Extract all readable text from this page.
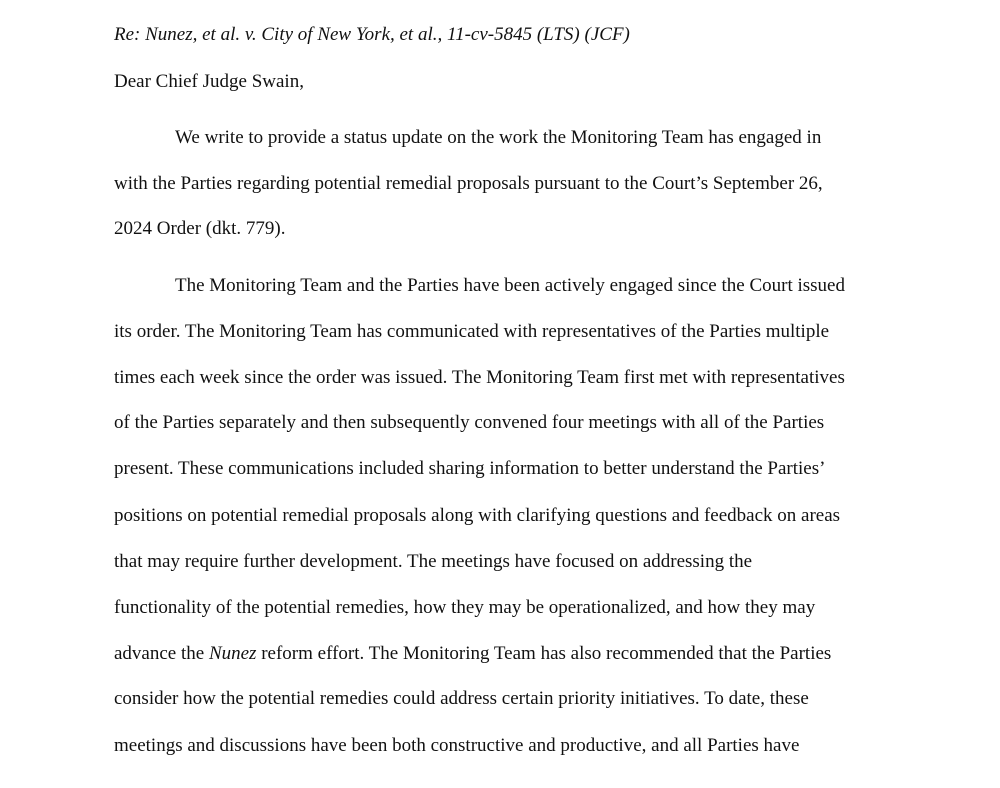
Re: Nunez, et al. v. City of New York, et al., 11-cv-5845 (LTS) (JCF)
Dear Chief Judge Swain,
We write to provide a status update on the work the Monitoring Team has engaged in
with the Parties regarding potential remedial proposals pursuant to the Court’s September 26,
2024 Order (dkt. 779).
The Monitoring Team and the Parties have been actively engaged since the Court issued
its order. The Monitoring Team has communicated with representatives of the Parties multiple
times each week since the order was issued. The Monitoring Team first met with representatives
of the Parties separately and then subsequently convened four meetings with all of the Parties
present. These communications included sharing information to better understand the Parties’
positions on potential remedial proposals along with clarifying questions and feedback on areas
that may require further development. The meetings have focused on addressing the
functionality of the potential remedies, how they may be operationalized, and how they may
advance the Nunez reform effort. The Monitoring Team has also recommended that the Parties
consider how the potential remedies could address certain priority initiatives. To date, these
meetings and discussions have been both constructive and productive, and all Parties have
